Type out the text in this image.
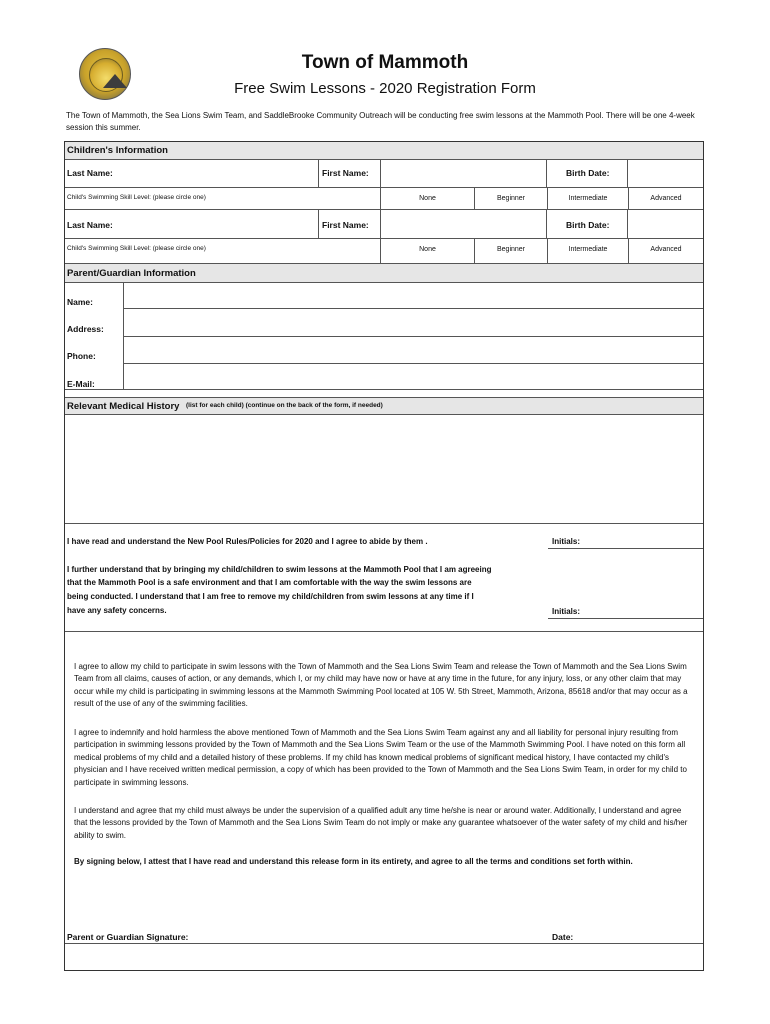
Town of Mammoth
Free Swim Lessons - 2020 Registration Form
The Town of Mammoth, the Sea Lions Swim Team, and SaddleBrooke Community Outreach will be conducting free swim lessons at the Mammoth Pool. There will be one 4-week session this summer.
Children's Information
Last Name:	First Name:	Birth Date:
Child's Swimming Skill Level: (please circle one)	None	Beginner	Intermediate	Advanced
Last Name:	First Name:	Birth Date:
Child's Swimming Skill Level: (please circle one)	None	Beginner	Intermediate	Advanced
Parent/Guardian Information
Name:
Address:
Phone:
E-Mail:
Relevant Medical History (list for each child) (continue on the back of the form, if needed)
I have read and understand the New Pool Rules/Policies for 2020 and I agree to abide by them .	Initials:
I further understand that by bringing my child/children to swim lessons at the Mammoth Pool that I am agreeing
that the Mammoth Pool is a safe environment and that I am comfortable with the way the swim lessons are
being conducted. I understand that I am free to remove my child/children from swim lessons at any time if I
have any safety concerns.	Initials:
I agree to allow my child to participate in swim lessons with the Town of Mammoth and the Sea Lions Swim Team and release the Town of Mammoth and the Sea Lions Swim Team from all claims, causes of action, or any demands, which I, or my child may have now or have at any time in the future, for any injury, loss, or any other claim that may occur while my child is participating in swimming lessons at the Mammoth Swimming Pool located at 105 W. 5th Street, Mammoth, Arizona, 85618 and/or that may occur as a result of the use of any of the swimming facilities.
I agree to indemnify and hold harmless the above mentioned Town of Mammoth and the Sea Lions Swim Team against any and all liability for personal injury resulting from participation in swimming lessons provided by the Town of Mammoth and the Sea Lions Swim Team or the use of the Mammoth Swimming Pool. I have noted on this form all medical problems of my child and a detailed history of these problems. If my child has known medical problems of significant medical history, I have contacted my child's physician and I have received written medical permission, a copy of which has been provided to the Town of Mammoth and the Sea Lions Swim Team, in order for my child to participate in swimming lessons.
I understand and agree that my child must always be under the supervision of a qualified adult any time he/she is near or around water. Additionally, I understand and agree that the lessons provided by the Town of Mammoth and the Sea Lions Swim Team do not imply or make any guarantee whatsoever of the water safety of my child and his/her ability to swim.
By signing below, I attest that I have read and understand this release form in its entirety, and agree to all the terms and conditions set forth within.
Parent or Guardian Signature:	Date:
